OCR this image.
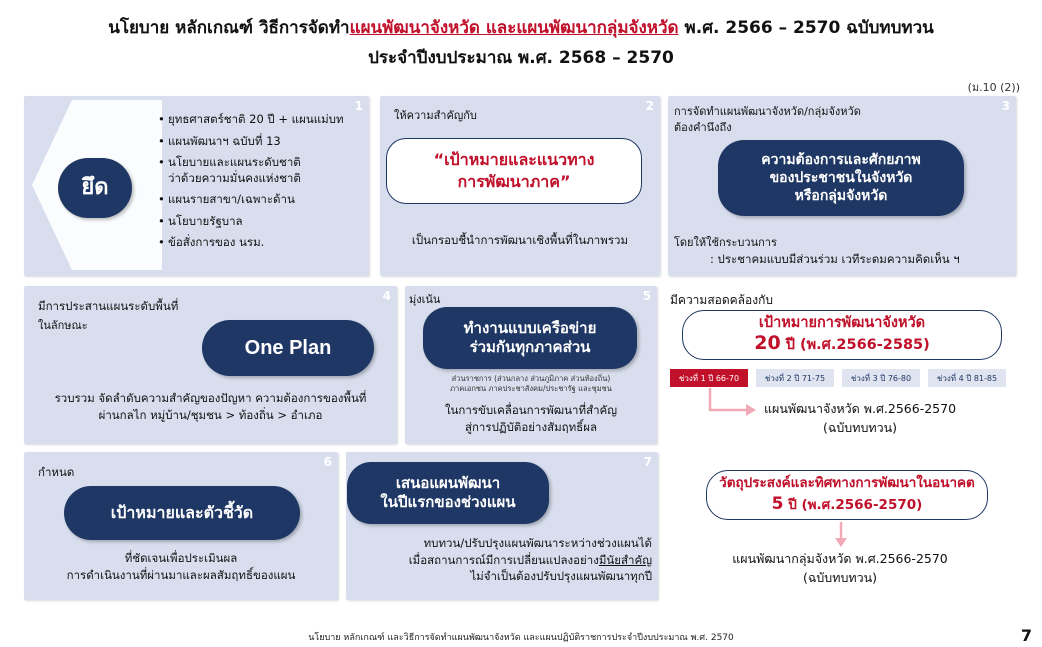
นโยบาย หลักเกณฑ์ วิธีการจัดทำแผนพัฒนาจังหวัด และแผนพัฒนากลุ่มจังหวัด พ.ศ. 2566 – 2570 ฉบับทบทวน
ประจำปีงบประมาณ พ.ศ. 2568 – 2570
(ม.10 (2))
1
ยึด
• ยุทธศาสตร์ชาติ 20 ปี + แผนแม่บท
• แผนพัฒนาฯ ฉบับที่ 13
• นโยบายและแผนระดับชาติ
ว่าด้วยความมั่นคงแห่งชาติ
• แผนรายสาขา/เฉพาะด้าน
• นโยบายรัฐบาล
• ข้อสั่งการของ นรม.
2
ให้ความสำคัญกับ
“เป้าหมายและแนวทาง
การพัฒนาภาค”
เป็นกรอบชี้นำการพัฒนาเชิงพื้นที่ในภาพรวม
3
การจัดทำแผนพัฒนาจังหวัด/กลุ่มจังหวัด
ต้องคำนึงถึง
โดยให้ใช้กระบวนการ
: ประชาคมแบบมีส่วนร่วม เวทีระดมความคิดเห็น ฯ
ความต้องการและศักยภาพ
ของประชาชนในจังหวัด
หรือกลุ่มจังหวัด
4
มีการประสานแผนระดับพื้นที่
ในลักษณะ
One Plan
รวบรวม จัดลำดับความสำคัญของปัญหา ความต้องการของพื้นที่
ผ่านกลไก หมู่บ้าน/ชุมชน > ท้องถิ่น > อำเภอ
5
มุ่งเน้น
ทำงานแบบเครือข่าย
ร่วมกันทุกภาคส่วน
ส่วนราชการ (ส่วนกลาง ส่วนภูมิภาค ส่วนท้องถิ่น)
ภาคเอกชน ภาคประชาสังคม/ประชารัฐ และชุมชน
ในการขับเคลื่อนการพัฒนาที่สำคัญ
สู่การปฏิบัติอย่างสัมฤทธิ์ผล
6
กำหนด
เป้าหมายและตัวชี้วัด
ที่ชัดเจนเพื่อประเมินผล
การดำเนินงานที่ผ่านมาและผลสัมฤทธิ์ของแผน
7
เสนอแผนพัฒนา
ในปีแรกของช่วงแผน
ทบทวน/ปรับปรุงแผนพัฒนาระหว่างช่วงแผนได้
เมื่อสถานการณ์มีการเปลี่ยนแปลงอย่างมีนัยสำคัญ
ไม่จำเป็นต้องปรับปรุงแผนพัฒนาทุกปี
มีความสอดคล้องกับ
เป้าหมายการพัฒนาจังหวัด
20 ปี (พ.ศ.2566-2585)
ช่วงที่ 1 ปี 66-70	ช่วงที่ 2 ปี 71-75	ช่วงที่ 3 ปี 76-80	ช่วงที่ 4 ปี 81-85
แผนพัฒนาจังหวัด พ.ศ.2566-2570
(ฉบับทบทวน)
วัตถุประสงค์และทิศทางการพัฒนาในอนาคต
5 ปี (พ.ศ.2566-2570)
แผนพัฒนากลุ่มจังหวัด พ.ศ.2566-2570
(ฉบับทบทวน)
นโยบาย หลักเกณฑ์ และวิธีการจัดทำแผนพัฒนาจังหวัด และแผนปฏิบัติราชการประจำปีงบประมาณ พ.ศ. 2570	7
